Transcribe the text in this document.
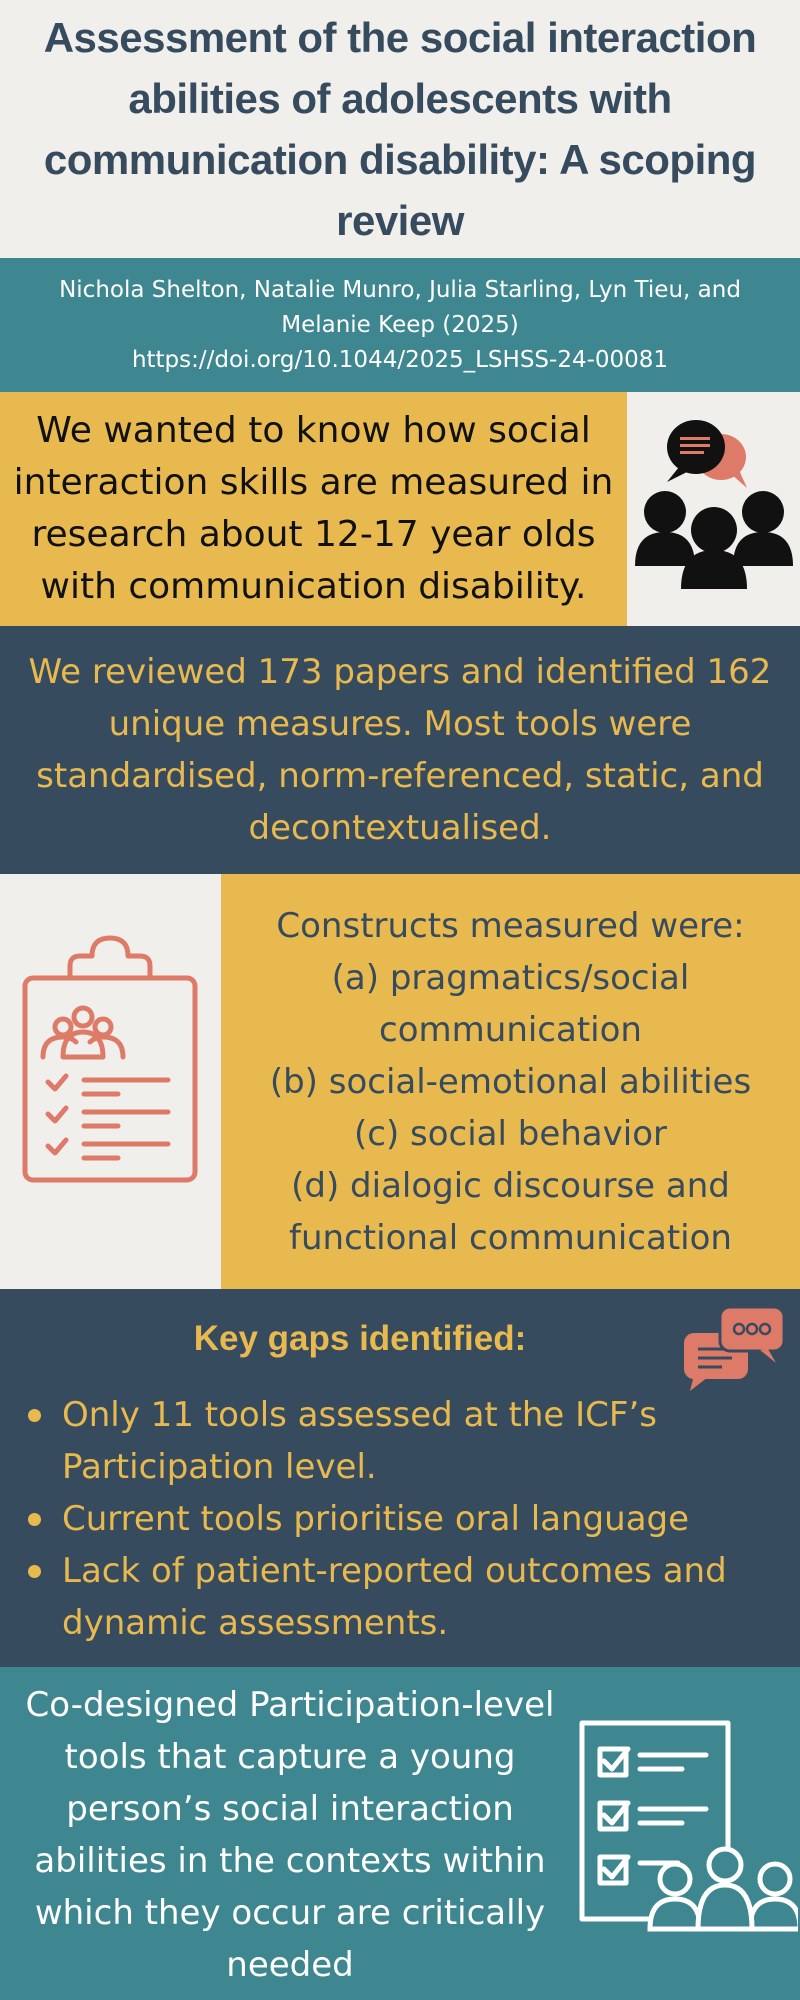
Assessment of the social interaction abilities of adolescents with communication disability: A scoping review

Nichola Shelton, Natalie Munro, Julia Starling, Lyn Tieu, and

Melanie Keep (2025)

https://doi.org/10.1044/2025_LSHSS-24-00081

We wanted to know how social interaction skills are measured in research about 12-17 year olds with communication disability.

We reviewed 173 papers and identified 162 unique measures. Most tools were standardised, norm-referenced, static, and decontextualised.

Constructs measured were:
(a) pragmatics/social communication
(b) social-emotional abilities
(c) social behavior
(d) dialogic discourse and functional communication
Key gaps identified:
Only 11 tools assessed at the ICF’s Participation level.
Current tools prioritise oral language
Lack of patient-reported outcomes and dynamic assessments.

Co-designed Participation-level tools that capture a young person’s social interaction abilities in the contexts within which they occur are critically needed
